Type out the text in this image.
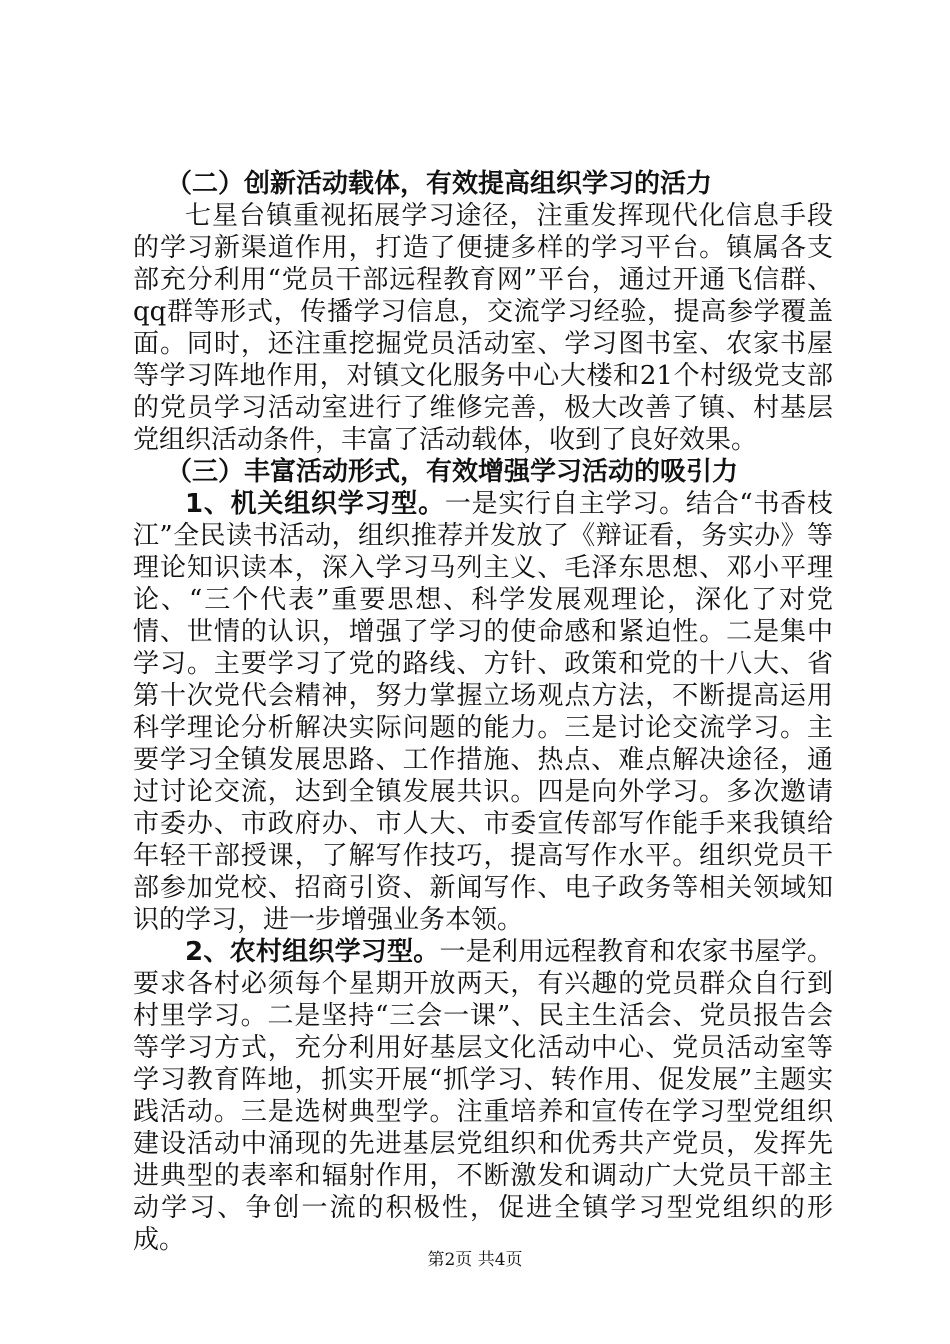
（二）创新活动载体，有效提高组织学习的活力

七星台镇重视拓展学习途径，注重发挥现代化信息手段的学习新渠道作用，打造了便捷多样的学习平台。镇属各支部充分利用“党员干部远程教育网”平台，通过开通飞信群、qq群等形式，传播学习信息，交流学习经验，提高参学覆盖面。同时，还注重挖掘党员活动室、学习图书室、农家书屋等学习阵地作用，对镇文化服务中心大楼和21个村级党支部的党员学习活动室进行了维修完善，极大改善了镇、村基层党组织活动条件，丰富了活动载体，收到了良好效果。

（三）丰富活动形式，有效增强学习活动的吸引力

1、机关组织学习型。一是实行自主学习。结合“书香枝江”全民读书活动，组织推荐并发放了《辩证看，务实办》等理论知识读本，深入学习马列主义、毛泽东思想、邓小平理论、“三个代表”重要思想、科学发展观理论，深化了对党情、世情的认识，增强了学习的使命感和紧迫性。二是集中学习。主要学习了党的路线、方针、政策和党的十八大、省第十次党代会精神，努力掌握立场观点方法，不断提高运用科学理论分析解决实际问题的能力。三是讨论交流学习。主要学习全镇发展思路、工作措施、热点、难点解决途径，通过讨论交流，达到全镇发展共识。四是向外学习。多次邀请市委办、市政府办、市人大、市委宣传部写作能手来我镇给年轻干部授课，了解写作技巧，提高写作水平。组织党员干部参加党校、招商引资、新闻写作、电子政务等相关领域知识的学习，进一步增强业务本领。

2、农村组织学习型。一是利用远程教育和农家书屋学。要求各村必须每个星期开放两天，有兴趣的党员群众自行到村里学习。二是坚持“三会一课”、民主生活会、党员报告会等学习方式，充分利用好基层文化活动中心、党员活动室等学习教育阵地，抓实开展“抓学习、转作用、促发展”主题实践活动。三是选树典型学。注重培养和宣传在学习型党组织建设活动中涌现的先进基层党组织和优秀共产党员，发挥先进典型的表率和辐射作用，不断激发和调动广大党员干部主动学习、争创一流的积极性，促进全镇学习型党组织的形成。

第2页 共4页
